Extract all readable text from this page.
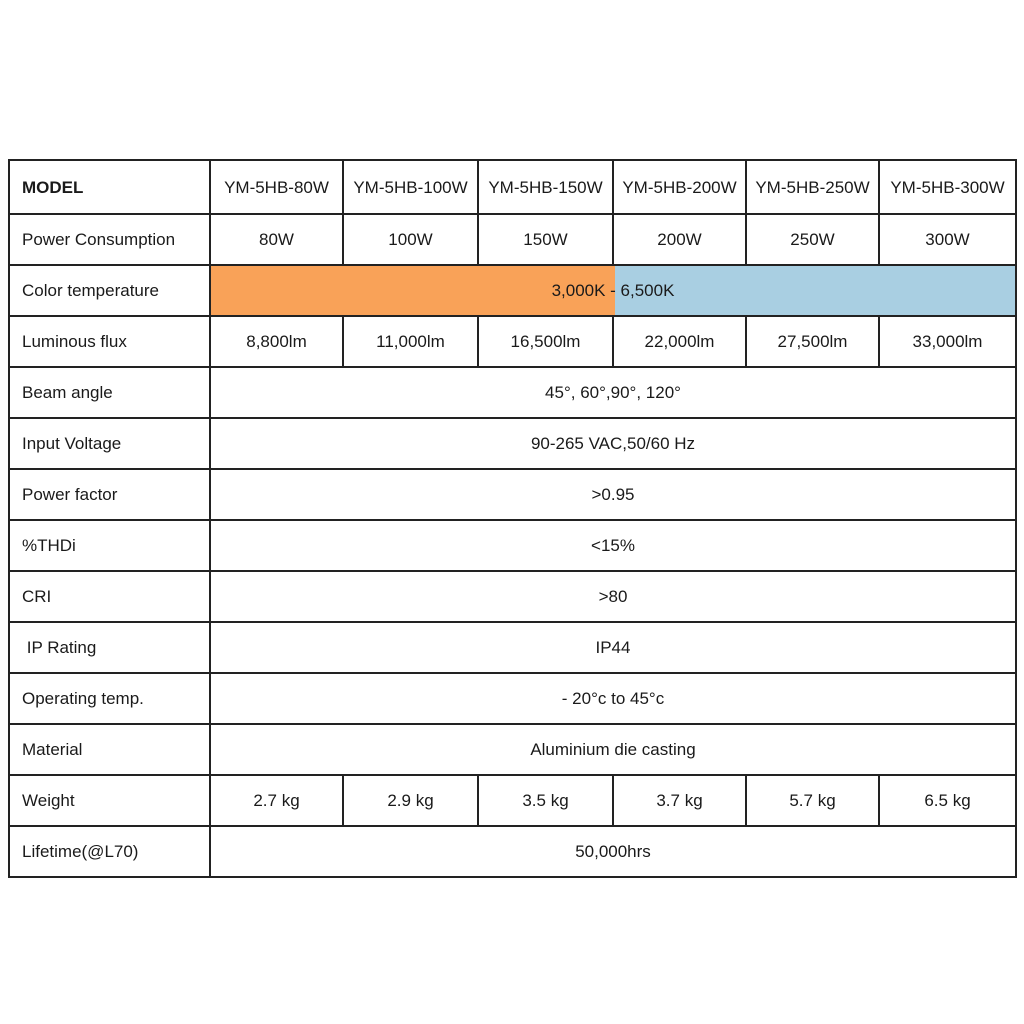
MODEL	YM-5HB-80W	YM-5HB-100W	YM-5HB-150W	YM-5HB-200W	YM-5HB-250W	YM-5HB-300W
Power Consumption	80W	100W	150W	200W	250W	300W
Color temperature	3,000K - 6,500K					

Luminous flux	8,800lm	11,000lm	16,500lm	22,000lm	27,500lm	33,000lm
Beam angle	45°, 60°,90°, 120°					
Input Voltage	90-265 VAC,50/60 Hz					
Power factor	>0.95					
%THDi	<15%					
CRI	>80					
IP Rating	IP44					
Operating temp.	- 20°c to 45°c					
Material	Aluminium die casting					
Weight	2.7 kg	2.9 kg	3.5 kg	3.7 kg	5.7 kg	6.5 kg
Lifetime(@L70)	50,000hrs					
